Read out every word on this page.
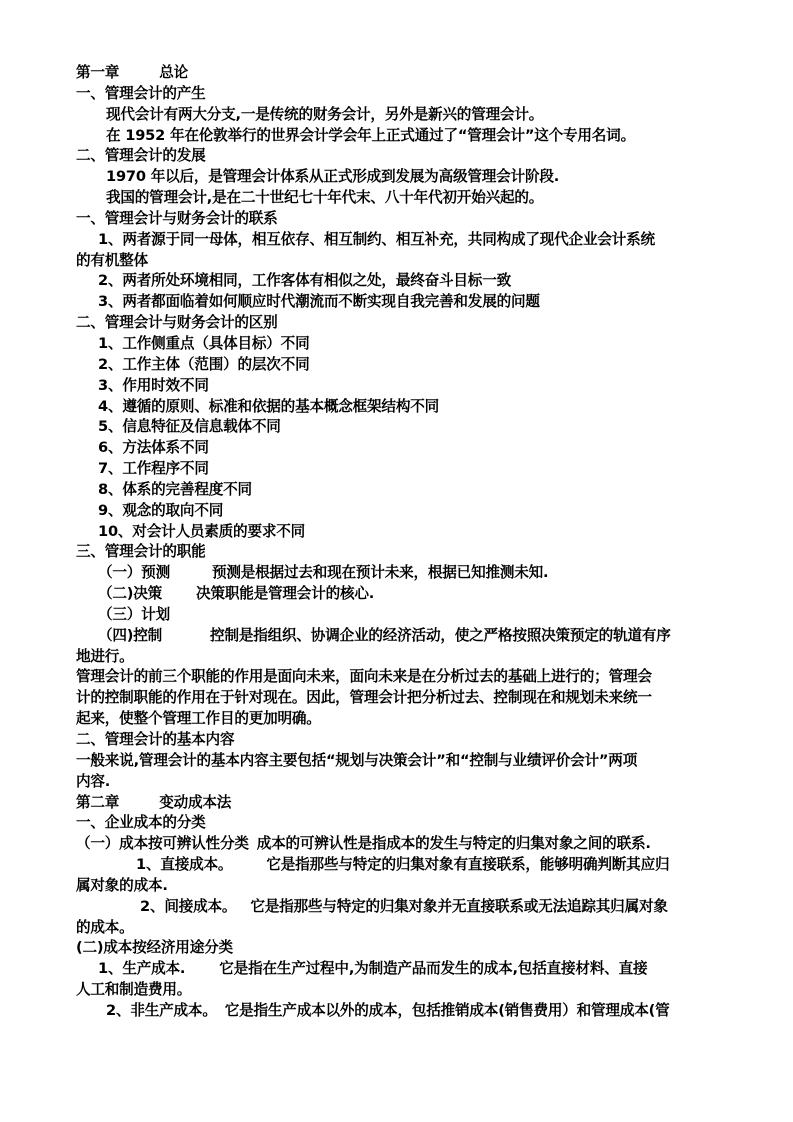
第一章	总论
一、管理会计的产生
现代会计有两大分支,一是传统的财务会计，另外是新兴的管理会计。
在 1952 年在伦敦举行的世界会计学会年上正式通过了“管理会计”这个专用名词。
二、管理会计的发展
1970 年以后，是管理会计体系从正式形成到发展为高级管理会计阶段.
我国的管理会计,是在二十世纪七十年代末、八十年代初开始兴起的。
一、管理会计与财务会计的联系
1、两者源于同一母体，相互依存、相互制约、相互补充，共同构成了现代企业会计系统
的有机整体
2、两者所处环境相同，工作客体有相似之处，最终奋斗目标一致
3、两者都面临着如何顺应时代潮流而不断实现自我完善和发展的问题
二、管理会计与财务会计的区别
1、工作侧重点（具体目标）不同
2、工作主体（范围）的层次不同
3、作用时效不同
4、遵循的原则、标准和依据的基本概念框架结构不同
5、信息特征及信息载体不同
6、方法体系不同
7、工作程序不同
8、体系的完善程度不同
9、观念的取向不同
10、对会计人员素质的要求不同
三、管理会计的职能
（一）预测	预测是根据过去和现在预计未来，根据已知推测未知.
（二)决策 决策职能是管理会计的核心.
（三）计划
（四)控制	控制是指组织、协调企业的经济活动，使之严格按照决策预定的轨道有序
地进行。
管理会计的前三个职能的作用是面向未来，面向未来是在分析过去的基础上进行的；管理会
计的控制职能的作用在于针对现在。因此，管理会计把分析过去、控制现在和规划未来统一
起来，使整个管理工作目的更加明确。
二、管理会计的基本内容
一般来说,管理会计的基本内容主要包括“规划与决策会计”和“控制与业绩评价会计”两项
内容.
第二章	变动成本法
一、企业成本的分类
（一）成本按可辨认性分类 成本的可辨认性是指成本的发生与特定的归集对象之间的联系.
1、直接成本。 它是指那些与特定的归集对象有直接联系，能够明确判断其应归
属对象的成本.
2、间接成本。 它是指那些与特定的归集对象并无直接联系或无法追踪其归属对象
的成本。
(二)成本按经济用途分类
1、生产成本. 它是指在生产过程中,为制造产品而发生的成本,包括直接材料、直接
人工和制造费用。
2、非生产成本。 它是指生产成本以外的成本，包括推销成本(销售费用）和管理成本(管
